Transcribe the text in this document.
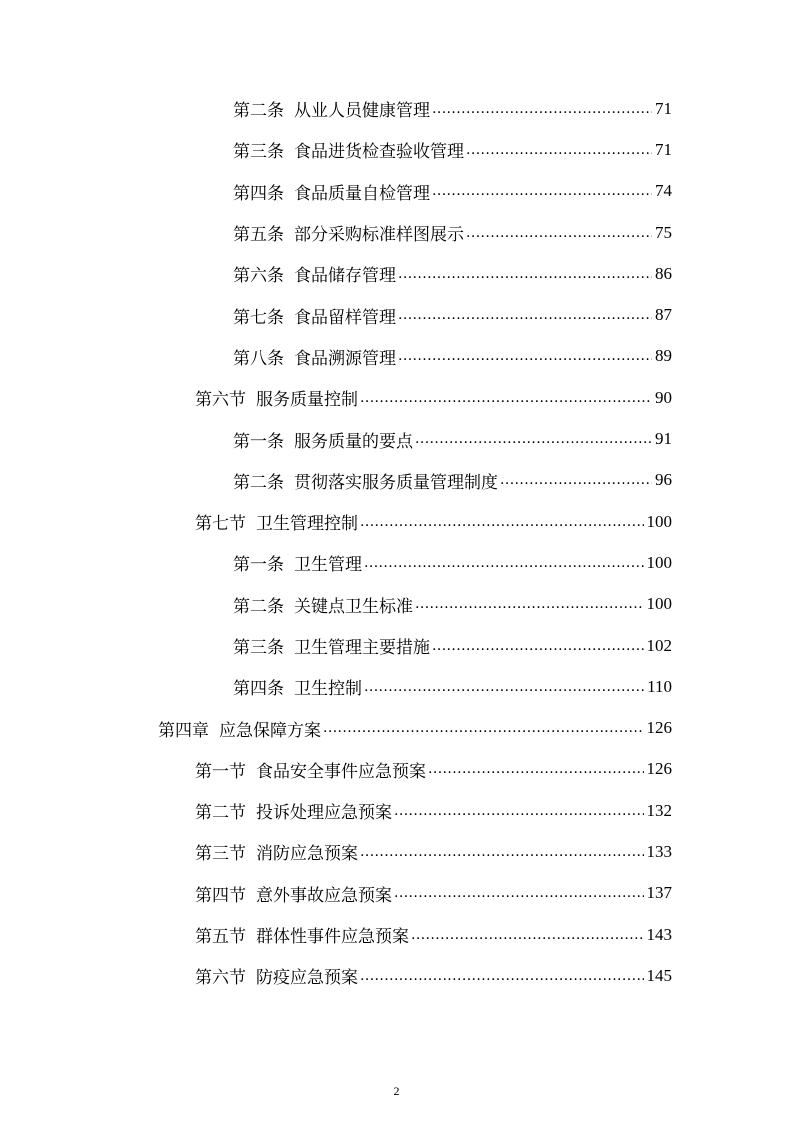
第二条 从业人员健康管理 .....	71
第三条 食品进货检查验收管理 .....	71
第四条 食品质量自检管理 .....	74
第五条 部分采购标准样图展示 .....	75
第六条 食品储存管理 .....	86
第七条 食品留样管理 .....	87
第八条 食品溯源管理 .....	89
第六节 服务质量控制 .....	90
第一条 服务质量的要点 .....	91
第二条 贯彻落实服务质量管理制度 .....	96
第七节 卫生管理控制 .....	100
第一条 卫生管理 .....	100
第二条 关键点卫生标准 .....	100
第三条 卫生管理主要措施 .....	102
第四条 卫生控制 .....	110
第四章 应急保障方案 .....	126
第一节 食品安全事件应急预案 .....	126
第二节 投诉处理应急预案 .....	132
第三节 消防应急预案 .....	133
第四节 意外事故应急预案 .....	137
第五节 群体性事件应急预案 .....	143
第六节 防疫应急预案 .....	145
2
